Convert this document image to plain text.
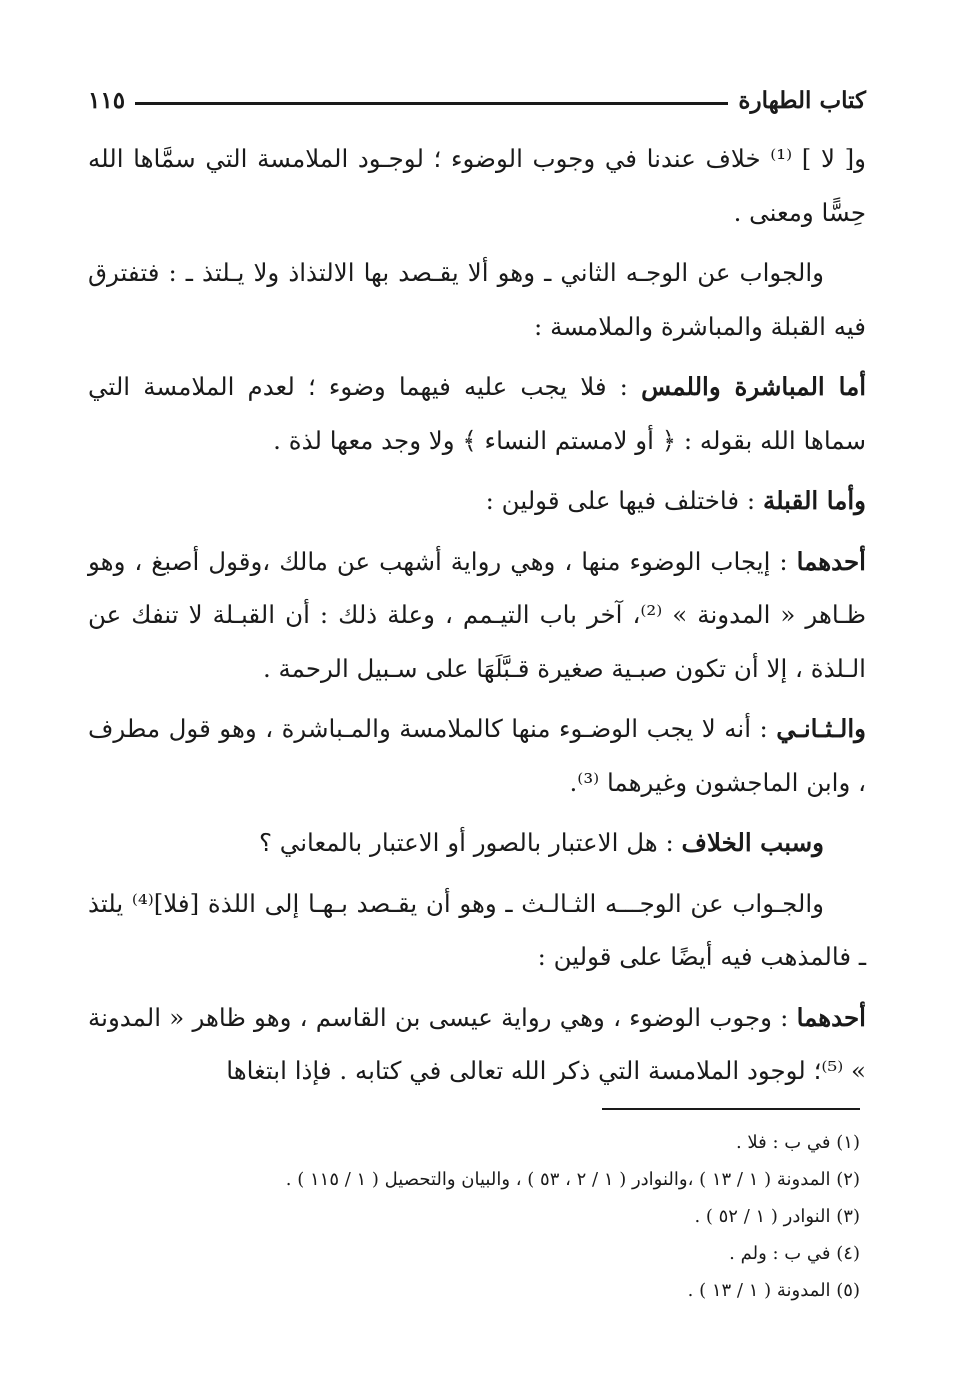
كتاب الطهارة
١١٥

و[ لا ] ⁽¹⁾ خلاف عندنا في وجوب الوضوء ؛ لوجـود الملامسة التي سمَّاها الله حِسًّا ومعنى .

والجواب عن الوجـه الثاني ـ وهو ألا يقـصد بها الالتذاذ ولا يـلتذ ـ : فتفترق فيه القبلة والمباشرة والملامسة :

أما المباشرة واللمس : فلا يجب عليه فيهما وضوء ؛ لعدم الملامسة التي سماها الله بقوله : ﴿ أو لامستم النساء ﴾ ولا وجد معها لذة .

وأما القبلة : فاختلف فيها على قولين :

أحدهما : إيجاب الوضوء منها ، وهي رواية أشهب عن مالك ،وقول أصبغ ، وهو ظـاهر « المدونة » ⁽²⁾، آخر باب التيـمم ، وعلة ذلك : أن القبـلة لا تنفك عن الـلذة ، إلا أن تكون صبـية صغيرة قـبَّلَهَا على سـبيل الرحمة .

والـثـانـي : أنه لا يجب الوضـوء منها كالملامسة والمـباشرة ، وهو قول مطرف ، وابن الماجشون وغيرهما ⁽³⁾.

وسبب الخلاف : هل الاعتبار بالصور أو الاعتبار بالمعاني ؟

والجـواب عن الوجـــه الثـالـث ـ وهو أن يقـصد بـهـا إلى اللذة [فلا]⁽⁴⁾ يلتذ ـ فالمذهب فيه أيضًا على قولين :

أحدهما : وجوب الوضوء ، وهي رواية عيسى بن القاسم ، وهو ظاهر « المدونة » ⁽⁵⁾؛ لوجود الملامسة التي ذكر الله تعالى في كتابه . فإذا ابتغاها

(١) في ب : فلا .

(٢) المدونة ( ١ / ١٣ ) ،والنوادر ( ١ / ٢ ، ٥٣ ) ، والبيان والتحصيل ( ١ / ١١٥ ) .

(٣) النوادر ( ١ / ٥٢ ) .

(٤) في ب : ولم .

(٥) المدونة ( ١ / ١٣ ) .
